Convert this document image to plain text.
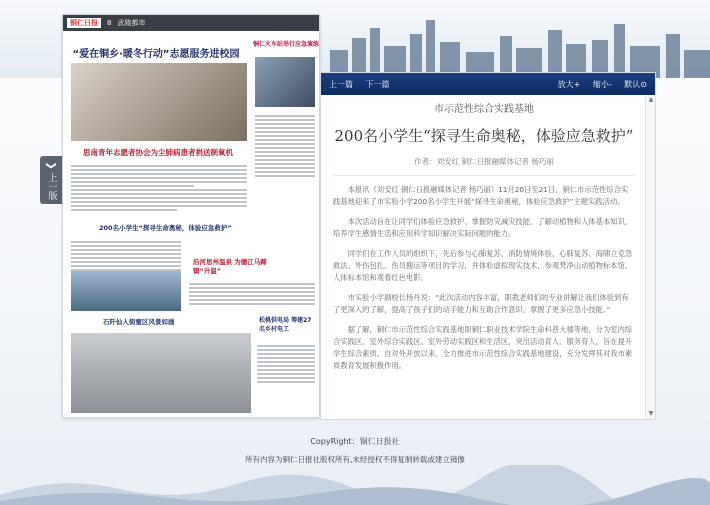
❮
上一版
铜仁日报	8 武陵都市
“爱在铜乡·暖冬行动”志愿服务进校园
铜仁火车站举行应急演练
思南青年志愿者协会为尘肺病患者捐送制氧机
200名小学生“探寻生命奥秘，体验应急救护”
沿河思州温泉 为德江马蹄镇“升温”
石阡仙人街蜜区风景如画	松桃供电局 筹建27名乡村电工
上一篇 下一篇	放大+ 缩小- 默认⊙
市示范性综合实践基地
200名小学生“探寻生命奥秘，体验应急救护”
作者：刘安红 铜仁日报融媒体记者 杨巧丽

本报讯（刘安红 铜仁日报融媒体记者 杨巧丽）11月20日至21日，铜仁市示范性综合实践基地迎来了市实验小学200名小学生开展“探寻生命奥秘，体验应急救护”主题实践活动。

本次活动旨在让同学们体验应急救护、掌握防灾减灾技能，了解动植物和人体基本知识，培养学生感情生活和应用科学知识解决实际问题的能力。

同学们在工作人员的组织下，先后参与心肺复苏、消防情境体验、心肺复苏、海啸立克急救法、外伤包扎、伤员搬运等项目的学习，并体验虚拟现实技术，参观梵净山动植物标本馆、人体标本馆和观看红色电影。

市实验小学副校长杨丹说：“此次活动内容丰富，职教老师们的专业讲解让我们体验到有了更深入的了解，提高了孩子们的动手能力和互助合作意识，掌握了更多应急小技能。”

据了解，铜仁市示范性综合实践基地即铜仁职业技术学院生命科普大楼等地，分为室内综合实践区、室外综合实践区、室外劳动实践区和生活区，突出活动育人、服务育人，旨在提升学生综合素质，自对外开放以来，全力推进市示范性综合实践基地建设，充分发挥其对我市素质教育发展积极作用。

▲
▼
CopyRight：铜仁日报社
所有内容为铜仁日报社版权所有,未经授权不得复制转载或建立镜像
